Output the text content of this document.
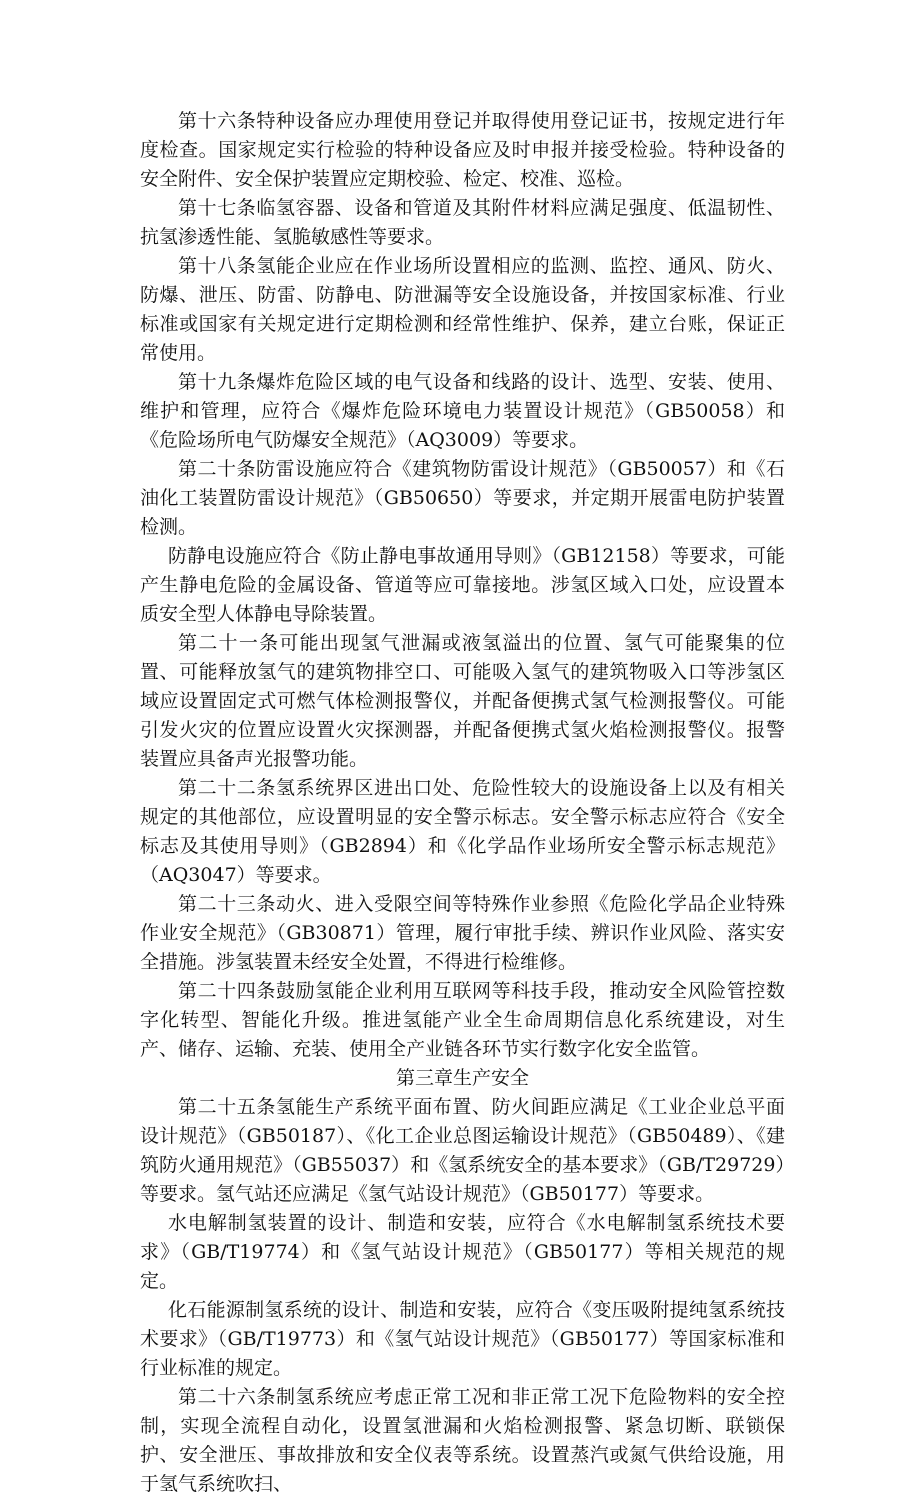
第十六条特种设备应办理使用登记并取得使用登记证书，按规定进行年度检查。国家规定实行检验的特种设备应及时申报并接受检验。特种设备的安全附件、安全保护装置应定期校验、检定、校准、巡检。

第十七条临氢容器、设备和管道及其附件材料应满足强度、低温韧性、抗氢渗透性能、氢脆敏感性等要求。

第十八条氢能企业应在作业场所设置相应的监测、监控、通风、防火、防爆、泄压、防雷、防静电、防泄漏等安全设施设备，并按国家标准、行业标准或国家有关规定进行定期检测和经常性维护、保养，建立台账，保证正常使用。

第十九条爆炸危险区域的电气设备和线路的设计、选型、安装、使用、维护和管理，应符合《爆炸危险环境电力装置设计规范》（GB50058）和《危险场所电气防爆安全规范》（AQ3009）等要求。

第二十条防雷设施应符合《建筑物防雷设计规范》（GB50057）和《石油化工装置防雷设计规范》（GB50650）等要求，并定期开展雷电防护装置检测。

防静电设施应符合《防止静电事故通用导则》（GB12158）等要求，可能产生静电危险的金属设备、管道等应可靠接地。涉氢区域入口处，应设置本质安全型人体静电导除装置。

第二十一条可能出现氢气泄漏或液氢溢出的位置、氢气可能聚集的位置、可能释放氢气的建筑物排空口、可能吸入氢气的建筑物吸入口等涉氢区域应设置固定式可燃气体检测报警仪，并配备便携式氢气检测报警仪。可能引发火灾的位置应设置火灾探测器，并配备便携式氢火焰检测报警仪。报警装置应具备声光报警功能。

第二十二条氢系统界区进出口处、危险性较大的设施设备上以及有相关规定的其他部位，应设置明显的安全警示标志。安全警示标志应符合《安全标志及其使用导则》（GB2894）和《化学品作业场所安全警示标志规范》（AQ3047）等要求。

第二十三条动火、进入受限空间等特殊作业参照《危险化学品企业特殊作业安全规范》（GB30871）管理，履行审批手续、辨识作业风险、落实安全措施。涉氢装置未经安全处置，不得进行检维修。

第二十四条鼓励氢能企业利用互联网等科技手段，推动安全风险管控数字化转型、智能化升级。推进氢能产业全生命周期信息化系统建设，对生产、储存、运输、充装、使用全产业链各环节实行数字化安全监管。

第三章生产安全

第二十五条氢能生产系统平面布置、防火间距应满足《工业企业总平面设计规范》（GB50187）、《化工企业总图运输设计规范》（GB50489）、《建筑防火通用规范》（GB55037）和《氢系统安全的基本要求》（GB/T29729）等要求。氢气站还应满足《氢气站设计规范》（GB50177）等要求。

水电解制氢装置的设计、制造和安装，应符合《水电解制氢系统技术要求》（GB/T19774）和《氢气站设计规范》（GB50177）等相关规范的规定。

化石能源制氢系统的设计、制造和安装，应符合《变压吸附提纯氢系统技术要求》（GB/T19773）和《氢气站设计规范》（GB50177）等国家标准和行业标准的规定。

第二十六条制氢系统应考虑正常工况和非正常工况下危险物料的安全控制，实现全流程自动化，设置氢泄漏和火焰检测报警、紧急切断、联锁保护、安全泄压、事故排放和安全仪表等系统。设置蒸汽或氮气供给设施，用于氢气系统吹扫、
